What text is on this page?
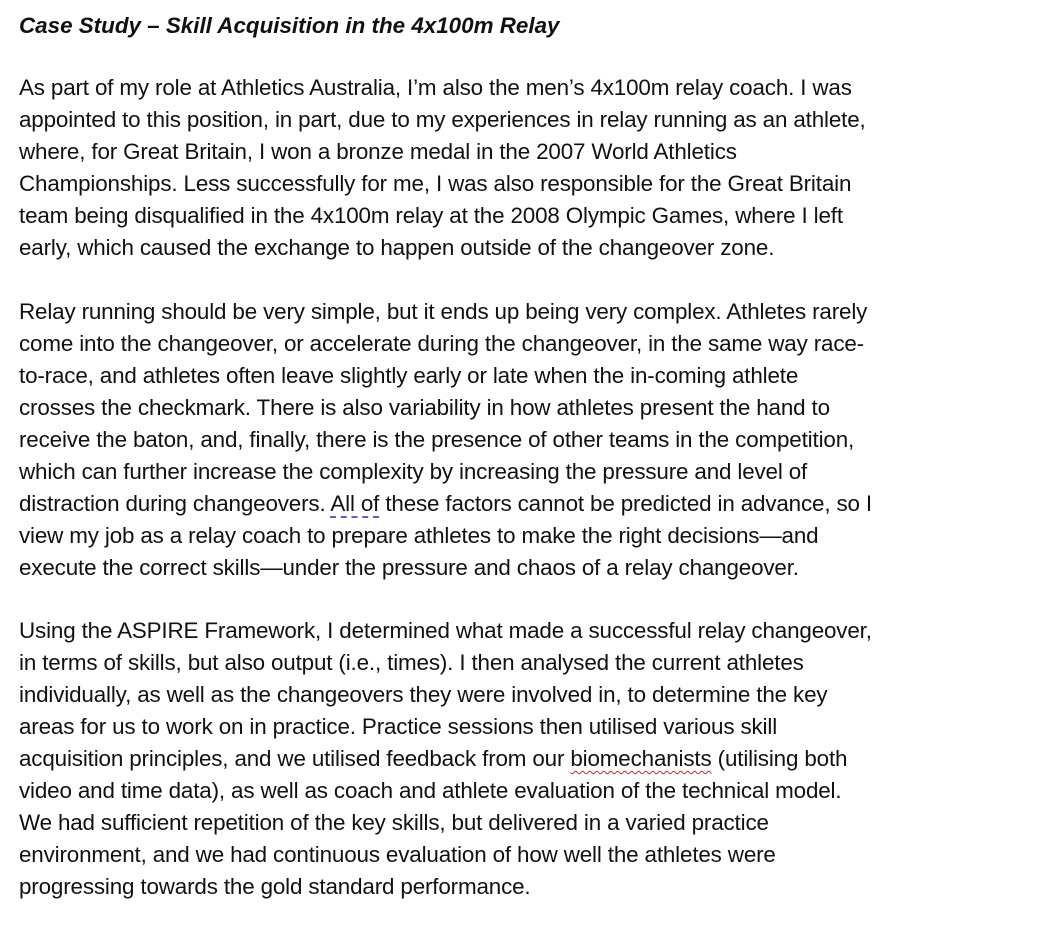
Case Study – Skill Acquisition in the 4x100m Relay

As part of my role at Athletics Australia, I’m also the men’s 4x100m relay coach. I was
appointed to this position, in part, due to my experiences in relay running as an athlete,
where, for Great Britain, I won a bronze medal in the 2007 World Athletics
Championships. Less successfully for me, I was also responsible for the Great Britain
team being disqualified in the 4x100m relay at the 2008 Olympic Games, where I left
early, which caused the exchange to happen outside of the changeover zone.

Relay running should be very simple, but it ends up being very complex. Athletes rarely
come into the changeover, or accelerate during the changeover, in the same way race-
to-race, and athletes often leave slightly early or late when the in-coming athlete
crosses the checkmark. There is also variability in how athletes present the hand to
receive the baton, and, finally, there is the presence of other teams in the competition,
which can further increase the complexity by increasing the pressure and level of
distraction during changeovers. All of these factors cannot be predicted in advance, so I
view my job as a relay coach to prepare athletes to make the right decisions—and
execute the correct skills—under the pressure and chaos of a relay changeover.

Using the ASPIRE Framework, I determined what made a successful relay changeover,
in terms of skills, but also output (i.e., times). I then analysed the current athletes
individually, as well as the changeovers they were involved in, to determine the key
areas for us to work on in practice. Practice sessions then utilised various skill
acquisition principles, and we utilised feedback from our biomechanists (utilising both
video and time data), as well as coach and athlete evaluation of the technical model.
We had sufficient repetition of the key skills, but delivered in a varied practice
environment, and we had continuous evaluation of how well the athletes were
progressing towards the gold standard performance.
